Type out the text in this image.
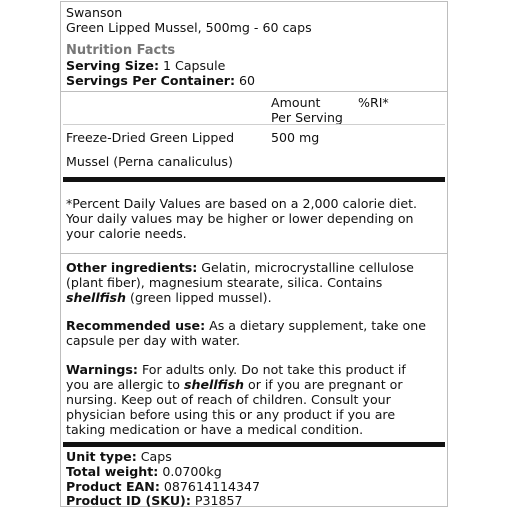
Swanson
Green Lipped Mussel, 500mg - 60 caps
Nutrition Facts
Serving Size: 1 Capsule
Servings Per Container: 60
Amount
Per Serving
%RI*
Freeze-Dried Green Lipped	500 mg
Mussel (Perna canaliculus)
*Percent Daily Values are based on a 2,000 calorie diet.
Your daily values may be higher or lower depending on
your calorie needs.
Other ingredients: Gelatin, microcrystalline cellulose
(plant fiber), magnesium stearate, silica. Contains
shellfish (green lipped mussel).
Recommended use: As a dietary supplement, take one
capsule per day with water.
Warnings: For adults only. Do not take this product if
you are allergic to shellfish or if you are pregnant or
nursing. Keep out of reach of children. Consult your
physician before using this or any product if you are
taking medication or have a medical condition.
Unit type: Caps
Total weight: 0.0700kg
Product EAN: 087614114347
Product ID (SKU): P31857
